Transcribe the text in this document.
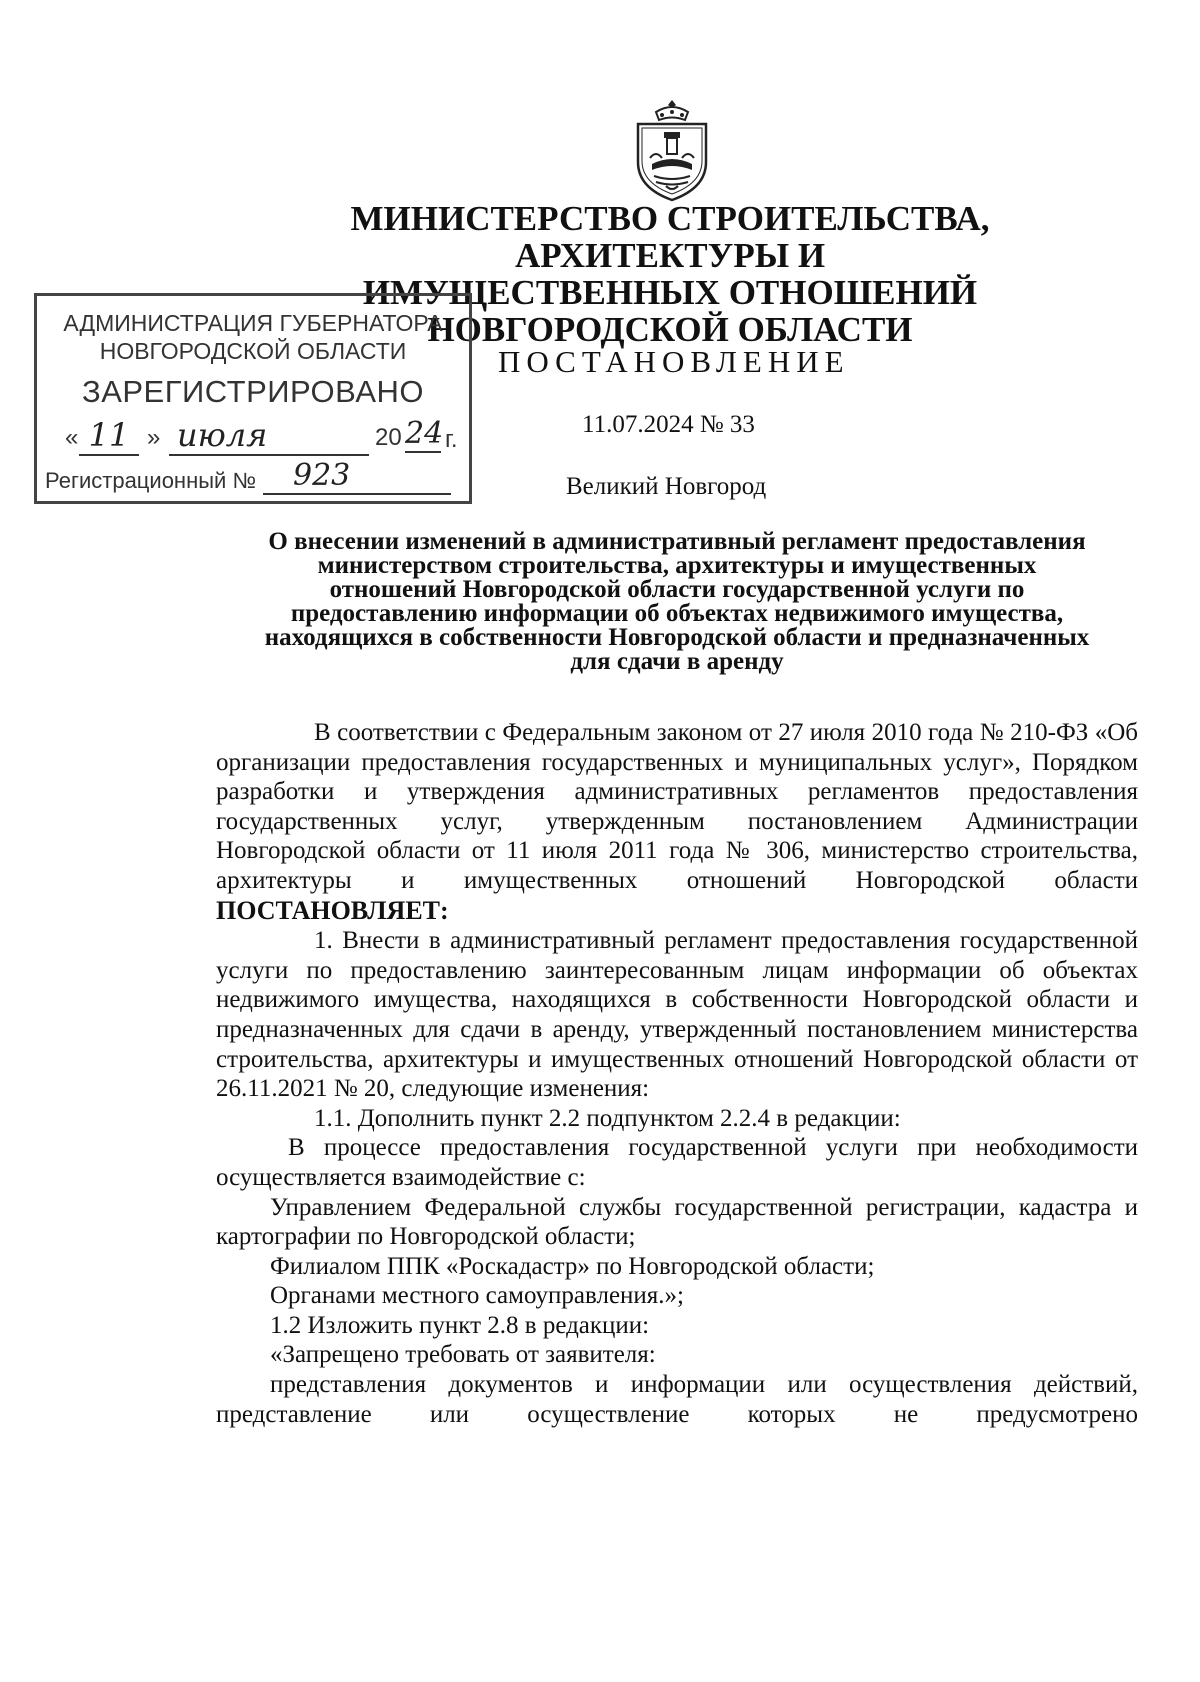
МИНИСТЕРСТВО СТРОИТЕЛЬСТВА, АРХИТЕКТУРЫ И
ИМУЩЕСТВЕННЫХ ОТНОШЕНИЙ
НОВГОРОДСКОЙ ОБЛАСТИ
АДМИНИСТРАЦИЯ ГУБЕРНАТОРА
НОВГОРОДСКОЙ ОБЛАСТИ
ЗАРЕГИСТРИРОВАНО
« 11 » июля	20 24 г.
Регистрационный №	923
ПОСТАНОВЛЕНИЕ
11.07.2024 № 33
Великий Новгород
О внесении изменений в административный регламент предоставления
министерством строительства, архитектуры и имущественных
отношений Новгородской области государственной услуги по
предоставлению информации об объектах недвижимого имущества,
находящихся в собственности Новгородской области и предназначенных
для сдачи в аренду

В соответствии с Федеральным законом от 27 июля 2010 года № 210-ФЗ «Об организации предоставления государственных и муниципальных услуг», Порядком разработки и утверждения административных регламентов предоставления государственных услуг, утвержденным постановлением Администрации Новгородской области от 11 июля 2011 года № 306, министерство строительства, архитектуры и имущественных отношений Новгородской области ПОСТАНОВЛЯЕТ:

1. Внести в административный регламент предоставления государственной услуги по предоставлению заинтересованным лицам информации об объектах недвижимого имущества, находящихся в собственности Новгородской области и предназначенных для сдачи в аренду, утвержденный постановлением министерства строительства, архитектуры и имущественных отношений Новгородской области от 26.11.2021 № 20, следующие изменения:

1.1. Дополнить пункт 2.2 подпунктом 2.2.4 в редакции:

В процессе предоставления государственной услуги при необходимости осуществляется взаимодействие с:

Управлением Федеральной службы государственной регистрации, кадастра и картографии по Новгородской области;

Филиалом ППК «Роскадастр» по Новгородской области;

Органами местного самоуправления.»;

1.2 Изложить пункт 2.8 в редакции:

«Запрещено требовать от заявителя:

представления документов и информации или осуществления действий, представление или осуществление которых не предусмотрено
